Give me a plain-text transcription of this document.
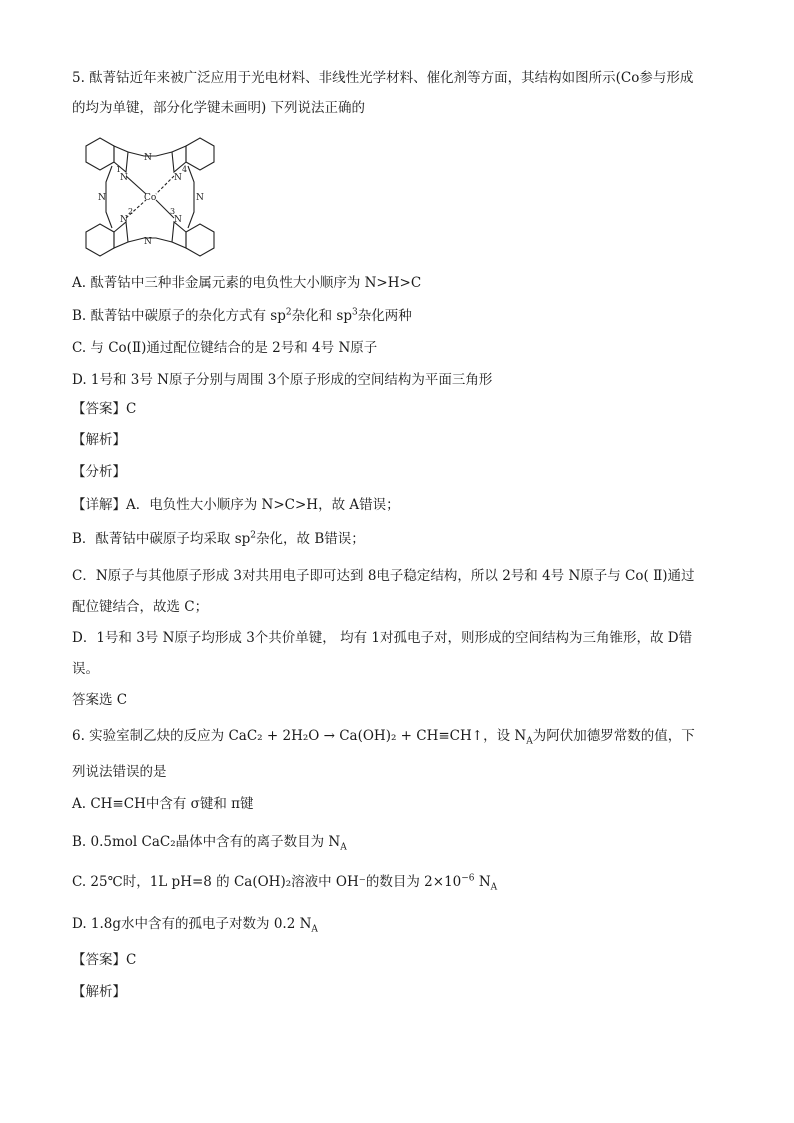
5. 酞菁钴近年来被广泛应用于光电材料、非线性光学材料、催化剂等方面，其结构如图所示(Co参与形成
的均为单键，部分化学键未画明) 下列说法正确的
N
N
N	N
N	N
N	N
Co
1	4
2	3
A. 酞菁钴中三种非金属元素的电负性大小顺序为 N>H>C
B. 酞菁钴中碳原子的杂化方式有 $sp^2$杂化和 $sp^3$杂化两种
C. 与 Co(Ⅱ)通过配位键结合的是 2号和 4号 N原子
D. 1号和 3号 N原子分别与周围 3个原子形成的空间结构为平面三角形
【答案】C
【解析】
【分析】
【详解】A．电负性大小顺序为 N>C>H，故 A错误；
B．酞菁钴中碳原子均采取 $sp^2$杂化，故 B错误；
C．N原子与其他原子形成 3对共用电子即可达到 8电子稳定结构，所以 2号和 4号 N原子与 Co( Ⅱ)通过
配位键结合，故选 C；
D．1号和 3号 N原子均形成 3个共价单键， 均有 1对孤电子对，则形成的空间结构为三角锥形，故 D错
误。
答案选 C
6. 实验室制乙炔的反应为 CaC₂ + 2H₂O → Ca(OH)₂ + CH≡CH↑，设 $N_A$为阿伏加德罗常数的值，下
列说法错误的是
A. CH≡CH中含有 σ键和 π键
B. 0.5mol CaC₂晶体中含有的离子数目为 $N_A$
C. 25℃时，1L pH=8 的 Ca(OH)₂溶液中 OH⁻的数目为 $2\times 10^{-6}$ $N_A$
D. 1.8g水中含有的孤电子对数为 0.2 $N_A$
【答案】C
【解析】
